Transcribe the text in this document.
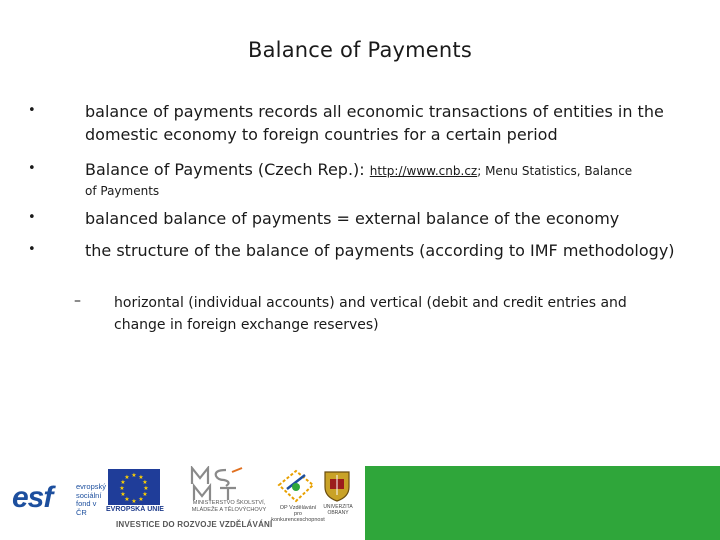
Balance of Payments
•	balance of payments records all economic transactions of entities in the domestic economy to foreign countries for a certain period
•	Balance of Payments (Czech Rep.): http://www.cnb.cz; Menu Statistics, Balance
of Payments
•	balanced balance of payments = external balance of the economy
•	the structure of the balance of payments (according to IMF methodology)
– horizontal (individual accounts) and vertical (debit and credit entries and change in foreign exchange reserves)
esf	evropský
sociální
fond v ČR
★ ★
★
★
★
★
★
★
★
★
★
★
EVROPSKÁ UNIE
MINISTERSTVO ŠKOLSTVÍ,
MLÁDEŽE A TĚLOVÝCHOVY	OP Vzdělávání
pro konkurenceschopnost
UNIVERZITA
OBRANY
INVESTICE DO ROZVOJE VZDĚLÁVÁNÍ
